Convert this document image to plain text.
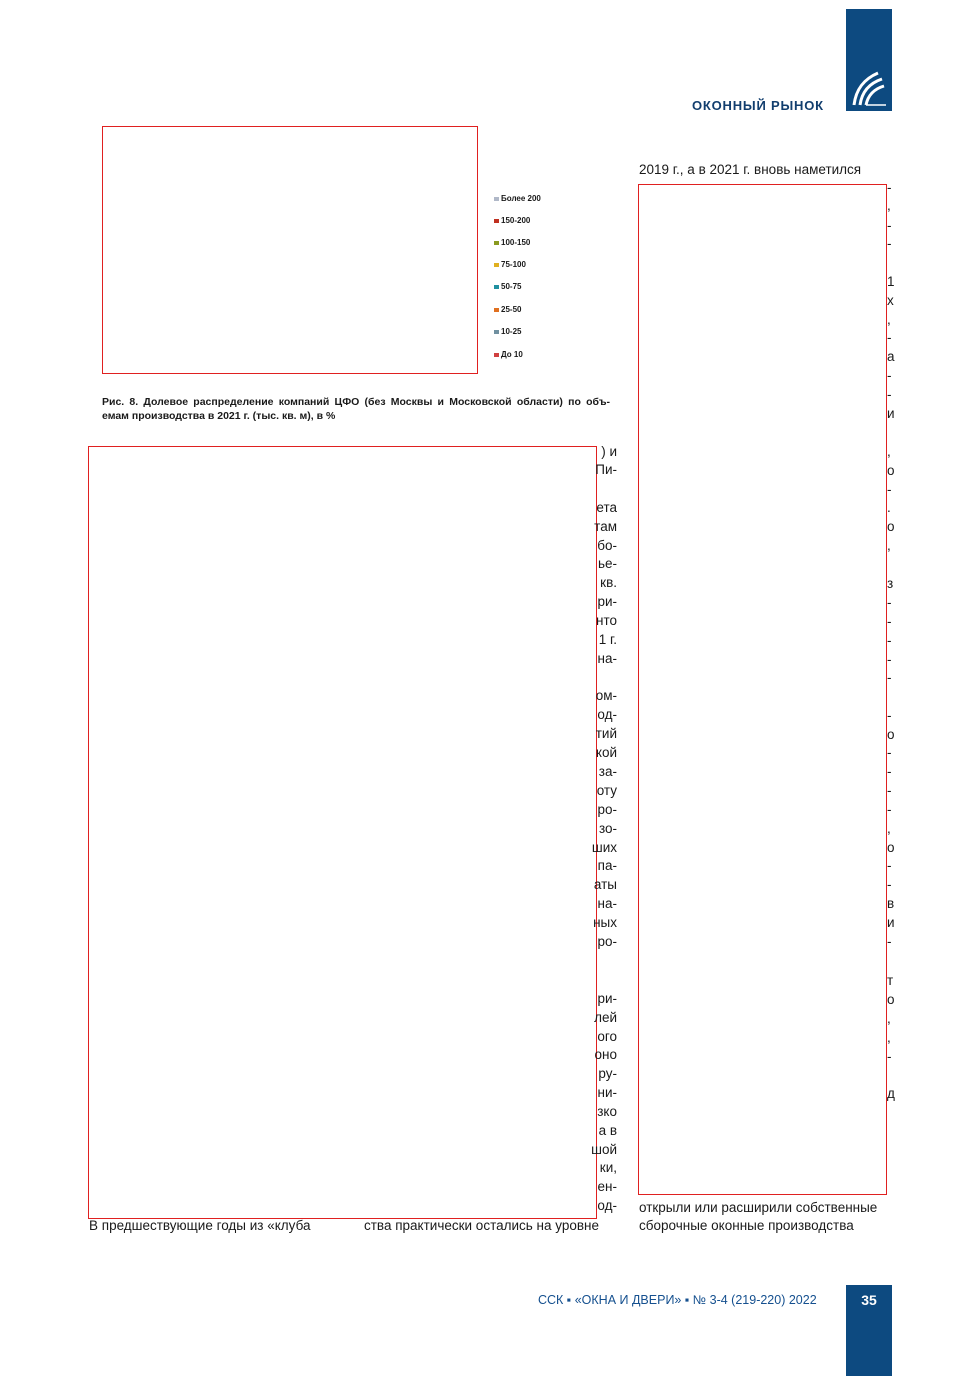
ОКОННЫЙ РЫНОК
Более 200
150-200
100-150
75-100
50-75
25-50
10-25
До 10
Рис. 8. Долевое распределение компаний ЦФО (без Москвы и Московской области) по объ- емам производства в 2021 г. (тыс. кв. м), в %
2019 г., а в 2021 г. вновь наметился
) и
Пи-
ета
там
бо-
ье-
кв.
ри-
нто
1 г.
на-
ом-
од-
тий
кой
за-
оту
ро-
зо-
ших
па-
аты
на-
ных
ро-
ри-
лей
ого
оно
ру-
ни-
зко
а в
шой
ки,
ен-
од-
-
,
-
-
1
х
,
-
а
-
-
и
,
о
-
.
о
,
з
-
-
-
-
-
-
о
-
-
-
-
,
о
-
-
в
и
-
т
о
,
,
-
д
В предшествующие годы из «клуба	ства практически остались на уровне
открыли или расширили собственные
сборочные оконные производства
ССК ▪ «ОКНА И ДВЕРИ» ▪ № 3-4 (219-220) 2022	35
